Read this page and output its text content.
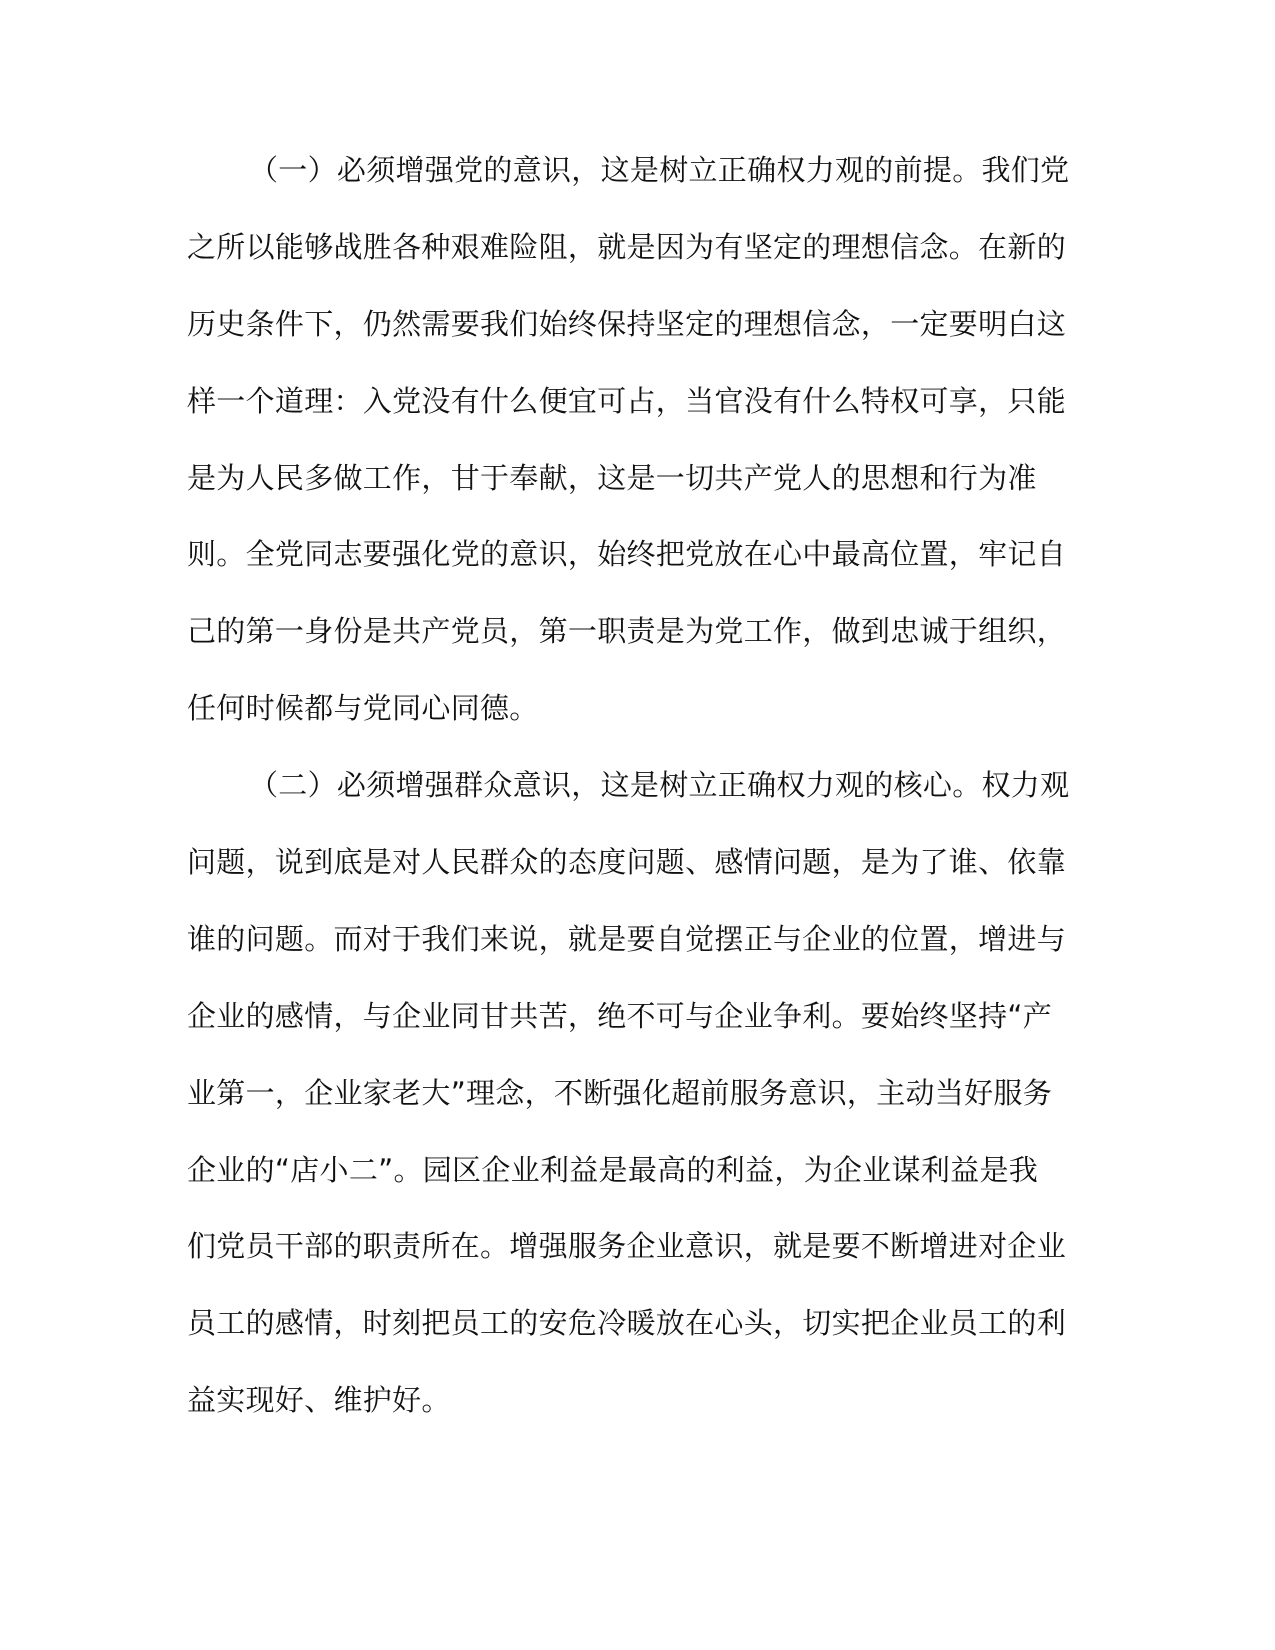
（一）必须增强党的意识，这是树立正确权力观的前提。我们党
之所以能够战胜各种艰难险阻，就是因为有坚定的理想信念。在新的
历史条件下，仍然需要我们始终保持坚定的理想信念，一定要明白这
样一个道理：入党没有什么便宜可占，当官没有什么特权可享，只能
是为人民多做工作，甘于奉献，这是一切共产党人的思想和行为准
则。全党同志要强化党的意识，始终把党放在心中最高位置，牢记自
己的第一身份是共产党员，第一职责是为党工作，做到忠诚于组织，
任何时候都与党同心同德。
（二）必须增强群众意识，这是树立正确权力观的核心。权力观
问题，说到底是对人民群众的态度问题、感情问题，是为了谁、依靠
谁的问题。而对于我们来说，就是要自觉摆正与企业的位置，增进与
企业的感情，与企业同甘共苦，绝不可与企业争利。要始终坚持“产
业第一，企业家老大”理念，不断强化超前服务意识，主动当好服务
企业的“店小二”。园区企业利益是最高的利益，为企业谋利益是我
们党员干部的职责所在。增强服务企业意识，就是要不断增进对企业
员工的感情，时刻把员工的安危冷暖放在心头，切实把企业员工的利
益实现好、维护好。
